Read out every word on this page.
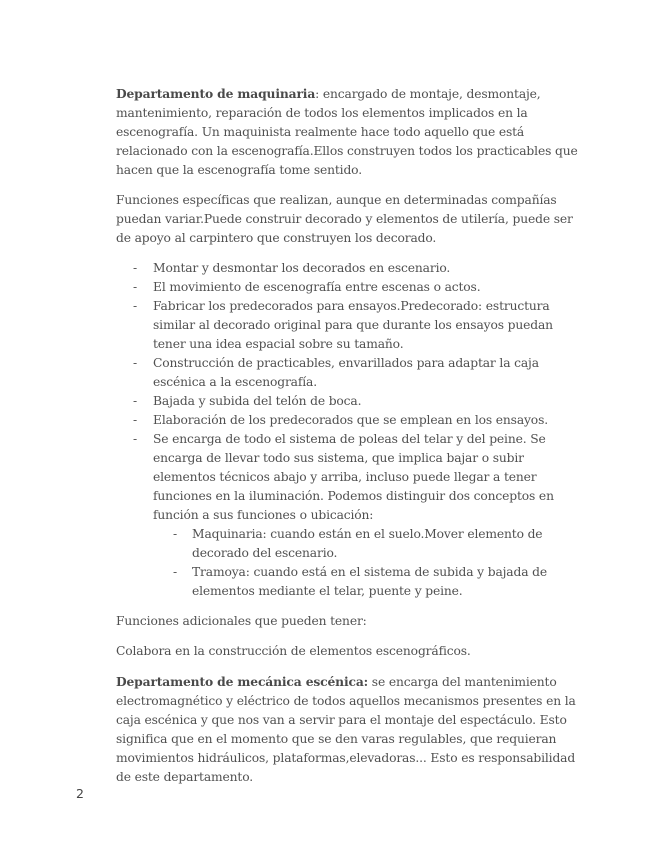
Departamento de maquinaria: encargado de montaje, desmontaje, mantenimiento, reparación de todos los elementos implicados en la escenografía. Un maquinista realmente hace todo aquello que está relacionado con la escenografía.Ellos construyen todos los practicables que hacen que la escenografía tome sentido.

Funciones específicas que realizan, aunque en determinadas compañías puedan variar.Puede construir decorado y elementos de utilería, puede ser de apoyo al carpintero que construyen los decorado.

- Montar y desmontar los decorados en escenario.
- El movimiento de escenografía entre escenas o actos.
- Fabricar los predecorados para ensayos.Predecorado: estructura similar al decorado original para que durante los ensayos puedan tener una idea espacial sobre su tamaño.
- Construcción de practicables, envarillados para adaptar la caja escénica a la escenografía.
- Bajada y subida del telón de boca.
- Elaboración de los predecorados que se emplean en los ensayos.
- Se encarga de todo el sistema de poleas del telar y del peine. Se encarga de llevar todo sus sistema, que implica bajar o subir elementos técnicos abajo y arriba, incluso puede llegar a tener funciones en la iluminación. Podemos distinguir dos conceptos en función a sus funciones o ubicación:
- Maquinaria: cuando están en el suelo.Mover elemento de decorado del escenario.
- Tramoya: cuando está en el sistema de subida y bajada de elementos mediante el telar, puente y peine.

Funciones adicionales que pueden tener:

Colabora en la construcción de elementos escenográficos.

Departamento de mecánica escénica: se encarga del mantenimiento electromagnético y eléctrico de todos aquellos mecanismos presentes en la caja escénica y que nos van a servir para el montaje del espectáculo. Esto significa que en el momento que se den varas regulables, que requieran movimientos hidráulicos, plataformas,elevadoras... Esto es responsabilidad de este departamento.

2
